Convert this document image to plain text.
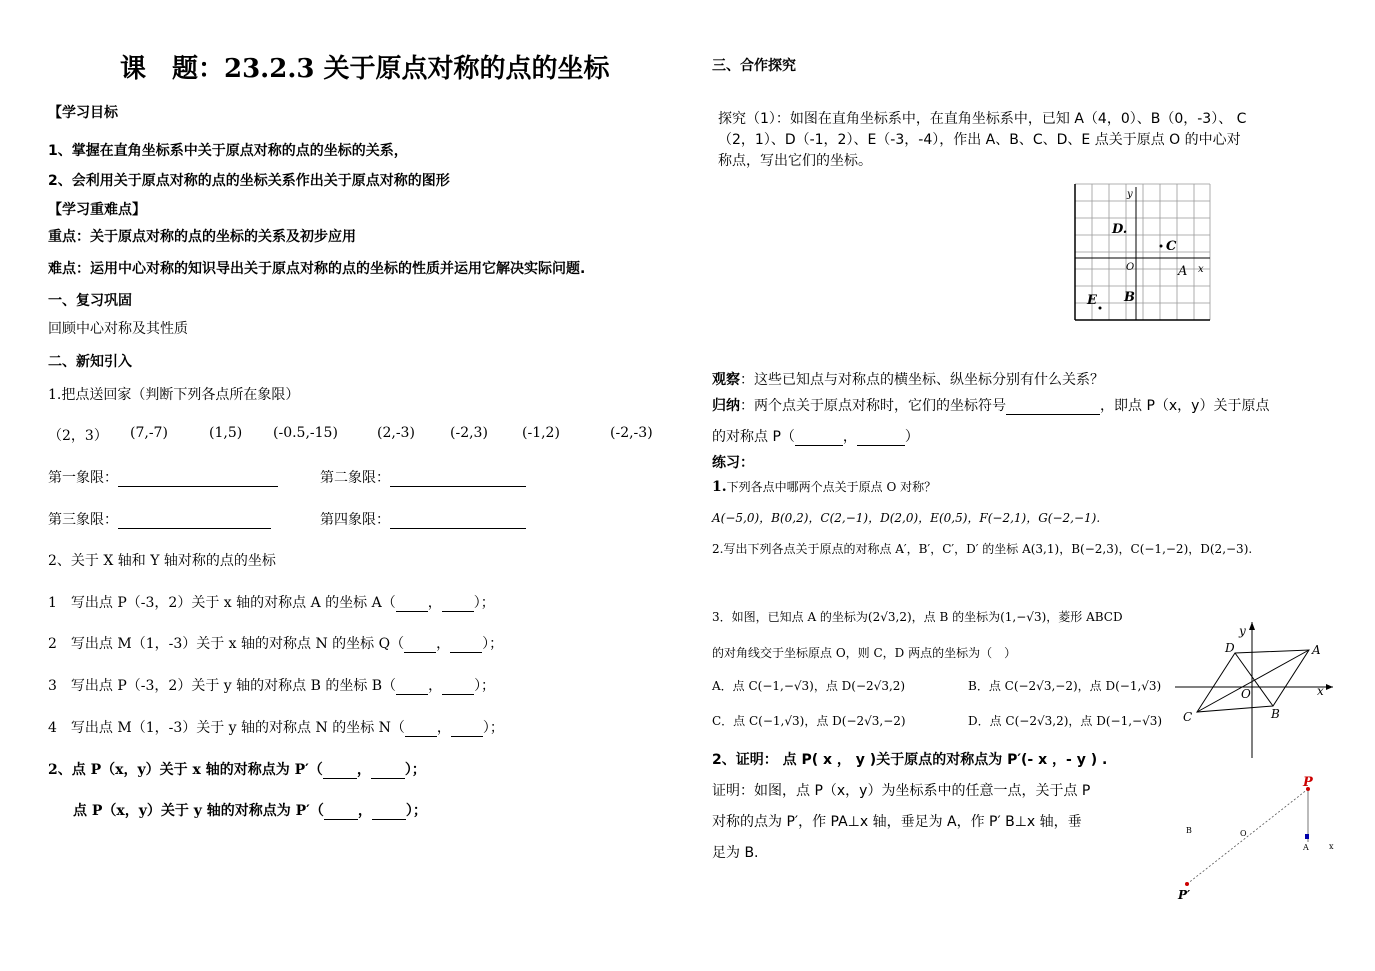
课　题：23.2.3 关于原点对称的点的坐标
【学习目标
1、掌握在直角坐标系中关于原点对称的点的坐标的关系，
2、会利用关于原点对称的点的坐标关系作出关于原点对称的图形
【学习重难点】
重点：关于原点对称的点的坐标的关系及初步应用
难点：运用中心对称的知识导出关于原点对称的点的坐标的性质并运用它解决实际问题.
一、复习巩固
回顾中心对称及其性质
二、新知引入
1.把点送回家（判断下列各点所在象限）
（2，3） (7,-7)	(1,5) (-0.5,-15)	(2,-3)	(-2,3) (-1,2)	(-2,-3)
第一象限：	第二象限：
第三象限：	第四象限：
2、关于 X 轴和 Y 轴对称的点的坐标
1　写出点 P（-3，2）关于 x 轴的对称点 A 的坐标 A（ ， ）；
2　写出点 M（1，-3）关于 x 轴的对称点 N 的坐标 Q（ ， ）；
3　写出点 P（-3，2）关于 y 轴的对称点 B 的坐标 B（ ， ）；
4　写出点 M（1，-3）关于 y 轴的对称点 N 的坐标 N（ ， ）；
2、点 P（x，y）关于 x 轴的对称点为 P′（ ， ）；
点 P（x，y）关于 y 轴的对称点为 P′（ ， ）；
三、合作探究
探究（1）：如图在直角坐标系中，在直角坐标系中，已知 A（4，0）、B（0，-3）、 C
（2，1）、D（-1，2）、E（-3，-4），作出 A、B、C、D、E 点关于原点 O 的中心对
称点，写出它们的坐标。
y
x
O
D.
C
A
B
E
观察：这些已知点与对称点的横坐标、纵坐标分别有什么关系？
归纳：两个点关于原点对称时，它们的坐标符号	，即点 P（x，y）关于原点
的对称点 P（	，	）
练习：
1.下列各点中哪两个点关于原点 O 对称？
A(−5,0)，B(0,2)，C(2,−1)，D(2,0)，E(0,5)，F(−2,1)，G(−2,−1).
2.写出下列各点关于原点的对称点 A′，B′，C′，D′ 的坐标 A(3,1)，B(−2,3)，C(−1,−2)，D(2,−3).
3．如图，已知点 A 的坐标为(2√3,2)，点 B 的坐标为(1,−√3)，菱形 ABCD
的对角线交于坐标原点 O，则 C，D 两点的坐标为（　）
A．点 C(−1,−√3)，点 D(−2√3,2)	B．点 C(−2√3,−2)，点 D(−1,√3)
C．点 C(−1,√3)，点 D(−2√3,−2)	D．点 C(−2√3,2)，点 D(−1,−√3)
y
x
O
A
B
C
D
2、证明： 点 P( x ， y )关于原点的对称点为 P′(- x ，- y ) .
证明：如图，点 P（x，y）为坐标系中的任意一点，关于点 P
对称的点为 P′，作 PA⊥x 轴，垂足为 A，作 P′ B⊥x 轴，垂
足为 B.
P
P′
O
A
B
x
